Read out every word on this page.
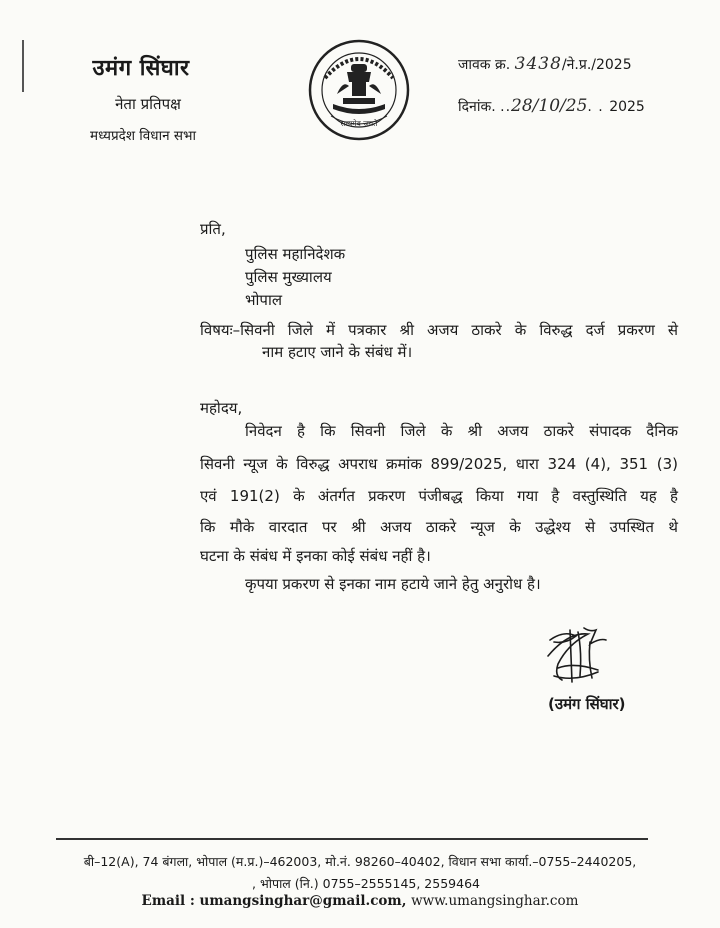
उमंग सिंघार
नेता प्रतिपक्ष
मध्यप्रदेश विधान सभा
सत्यमेव जयते
जावक क्र. 3438/ने.प्र./2025
दिनांक. ..28/10/25. . 2025
प्रति,
पुलिस महानिदेशक
पुलिस मुख्यालय
भोपाल
विषयः–सिवनी जिले में पत्रकार श्री अजय ठाकरे के विरुद्ध दर्ज प्रकरण से
नाम हटाए जाने के संबंध में।
महोदय,
निवेदन है कि सिवनी जिले के श्री अजय ठाकरे संपादक दैनिक
सिवनी न्यूज के विरुद्ध अपराध क्रमांक 899/2025, धारा 324 (4), 351 (3)
एवं 191(2) के अंतर्गत प्रकरण पंजीबद्ध किया गया है वस्तुस्थिति यह है
कि मौके वारदात पर श्री अजय ठाकरे न्यूज के उद्धेश्य से उपस्थित थे
घटना के संबंध में इनका कोई संबंध नहीं है।
कृपया प्रकरण से इनका नाम हटाये जाने हेतु अनुरोध है।
(उमंग सिंघार)
बी–12(A), 74 बंगला, भोपाल (म.प्र.)–462003, मो.नं. 98260–40402, विधान सभा कार्या.–0755–2440205,
, भोपाल (नि.) 0755–2555145, 2559464
Email : umangsinghar@gmail.com, www.umangsinghar.com
